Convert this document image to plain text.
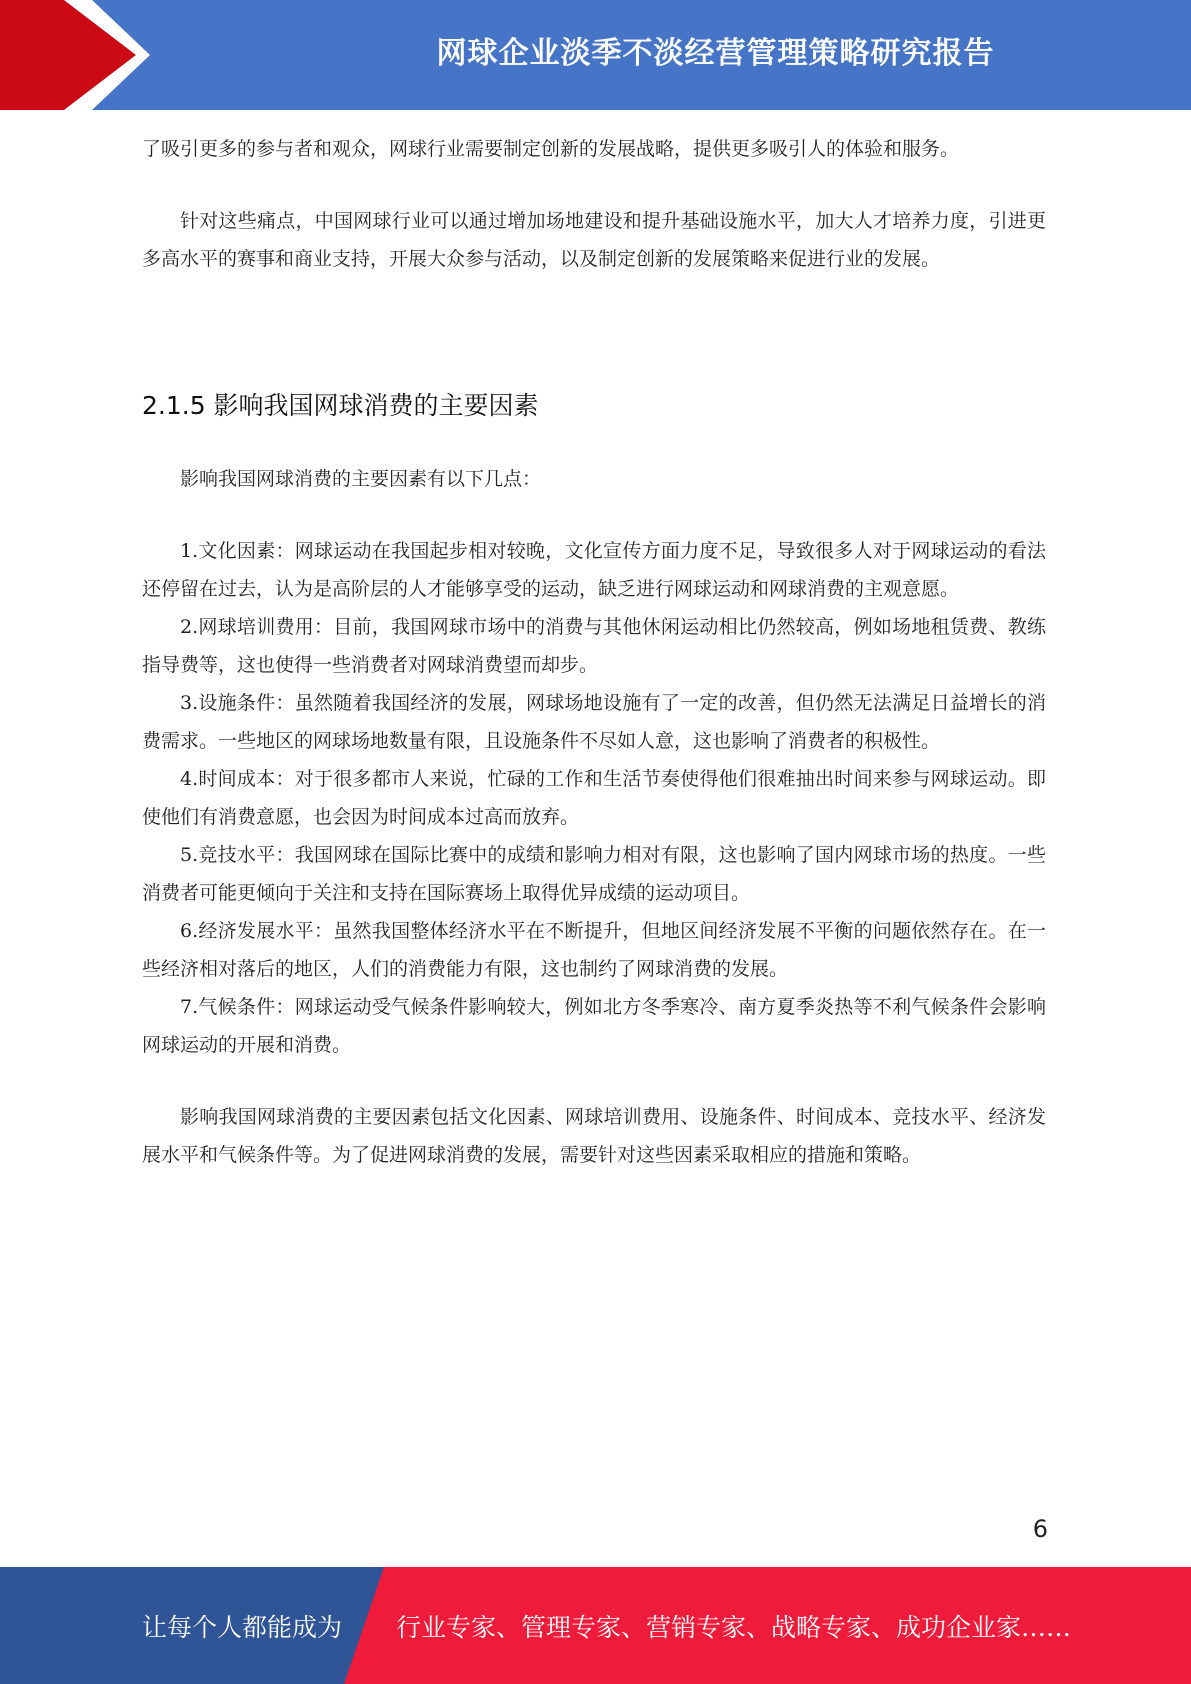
网球企业淡季不淡经营管理策略研究报告

了吸引更多的参与者和观众，网球行业需要制定创新的发展战略，提供更多吸引人的体验和服务。

针对这些痛点，中国网球行业可以通过增加场地建设和提升基础设施水平，加大人才培养力度，引进更多高水平的赛事和商业支持，开展大众参与活动，以及制定创新的发展策略来促进行业的发展。

2.1.5 影响我国网球消费的主要因素

影响我国网球消费的主要因素有以下几点：

1.文化因素：网球运动在我国起步相对较晚，文化宣传方面力度不足，导致很多人对于网球运动的看法还停留在过去，认为是高阶层的人才能够享受的运动，缺乏进行网球运动和网球消费的主观意愿。

2.网球培训费用：目前，我国网球市场中的消费与其他休闲运动相比仍然较高，例如场地租赁费、教练指导费等，这也使得一些消费者对网球消费望而却步。

3.设施条件：虽然随着我国经济的发展，网球场地设施有了一定的改善，但仍然无法满足日益增长的消费需求。一些地区的网球场地数量有限，且设施条件不尽如人意，这也影响了消费者的积极性。

4.时间成本：对于很多都市人来说，忙碌的工作和生活节奏使得他们很难抽出时间来参与网球运动。即使他们有消费意愿，也会因为时间成本过高而放弃。

5.竞技水平：我国网球在国际比赛中的成绩和影响力相对有限，这也影响了国内网球市场的热度。一些消费者可能更倾向于关注和支持在国际赛场上取得优异成绩的运动项目。

6.经济发展水平：虽然我国整体经济水平在不断提升，但地区间经济发展不平衡的问题依然存在。在一些经济相对落后的地区，人们的消费能力有限，这也制约了网球消费的发展。

7.气候条件：网球运动受气候条件影响较大，例如北方冬季寒冷、南方夏季炎热等不利气候条件会影响网球运动的开展和消费。

影响我国网球消费的主要因素包括文化因素、网球培训费用、设施条件、时间成本、竞技水平、经济发展水平和气候条件等。为了促进网球消费的发展，需要针对这些因素采取相应的措施和策略。

6
让每个人都能成为 行业专家、管理专家、营销专家、战略专家、成功企业家……
